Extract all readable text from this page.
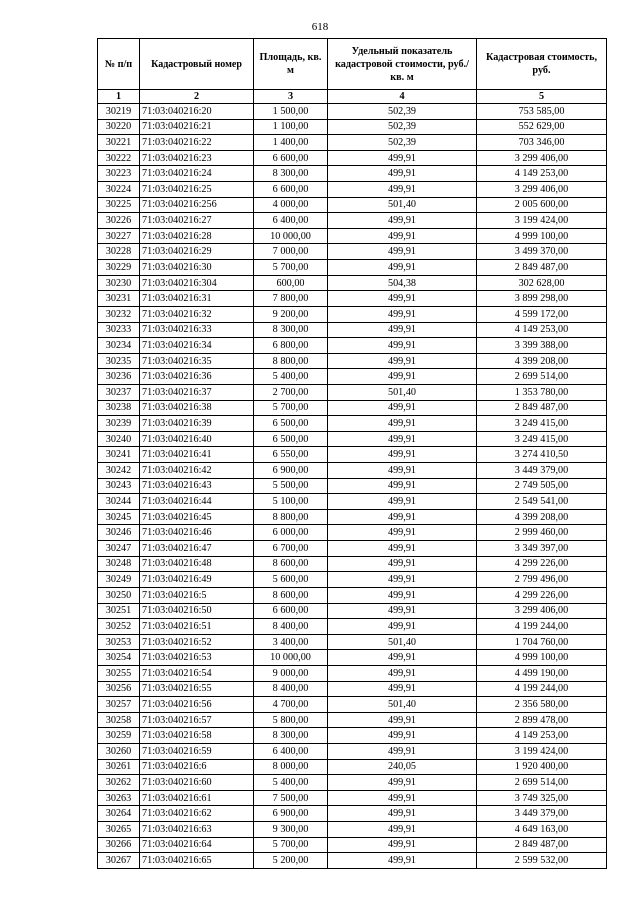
618
№ п/п	Кадастровый номер	Площадь, кв. м	Удельный показатель кадастровой стоимости, руб./кв. м	Кадастровая стоимость, руб.
1	2	3	4	5
30219	71:03:040216:20	1 500,00	502,39	753 585,00
30220	71:03:040216:21	1 100,00	502,39	552 629,00
30221	71:03:040216:22	1 400,00	502,39	703 346,00
30222	71:03:040216:23	6 600,00	499,91	3 299 406,00
30223	71:03:040216:24	8 300,00	499,91	4 149 253,00
30224	71:03:040216:25	6 600,00	499,91	3 299 406,00
30225	71:03:040216:256	4 000,00	501,40	2 005 600,00
30226	71:03:040216:27	6 400,00	499,91	3 199 424,00
30227	71:03:040216:28	10 000,00	499,91	4 999 100,00
30228	71:03:040216:29	7 000,00	499,91	3 499 370,00
30229	71:03:040216:30	5 700,00	499,91	2 849 487,00
30230	71:03:040216:304	600,00	504,38	302 628,00
30231	71:03:040216:31	7 800,00	499,91	3 899 298,00
30232	71:03:040216:32	9 200,00	499,91	4 599 172,00
30233	71:03:040216:33	8 300,00	499,91	4 149 253,00
30234	71:03:040216:34	6 800,00	499,91	3 399 388,00
30235	71:03:040216:35	8 800,00	499,91	4 399 208,00
30236	71:03:040216:36	5 400,00	499,91	2 699 514,00
30237	71:03:040216:37	2 700,00	501,40	1 353 780,00
30238	71:03:040216:38	5 700,00	499,91	2 849 487,00
30239	71:03:040216:39	6 500,00	499,91	3 249 415,00
30240	71:03:040216:40	6 500,00	499,91	3 249 415,00
30241	71:03:040216:41	6 550,00	499,91	3 274 410,50
30242	71:03:040216:42	6 900,00	499,91	3 449 379,00
30243	71:03:040216:43	5 500,00	499,91	2 749 505,00
30244	71:03:040216:44	5 100,00	499,91	2 549 541,00
30245	71:03:040216:45	8 800,00	499,91	4 399 208,00
30246	71:03:040216:46	6 000,00	499,91	2 999 460,00
30247	71:03:040216:47	6 700,00	499,91	3 349 397,00
30248	71:03:040216:48	8 600,00	499,91	4 299 226,00
30249	71:03:040216:49	5 600,00	499,91	2 799 496,00
30250	71:03:040216:5	8 600,00	499,91	4 299 226,00
30251	71:03:040216:50	6 600,00	499,91	3 299 406,00
30252	71:03:040216:51	8 400,00	499,91	4 199 244,00
30253	71:03:040216:52	3 400,00	501,40	1 704 760,00
30254	71:03:040216:53	10 000,00	499,91	4 999 100,00
30255	71:03:040216:54	9 000,00	499,91	4 499 190,00
30256	71:03:040216:55	8 400,00	499,91	4 199 244,00
30257	71:03:040216:56	4 700,00	501,40	2 356 580,00
30258	71:03:040216:57	5 800,00	499,91	2 899 478,00
30259	71:03:040216:58	8 300,00	499,91	4 149 253,00
30260	71:03:040216:59	6 400,00	499,91	3 199 424,00
30261	71:03:040216:6	8 000,00	240,05	1 920 400,00
30262	71:03:040216:60	5 400,00	499,91	2 699 514,00
30263	71:03:040216:61	7 500,00	499,91	3 749 325,00
30264	71:03:040216:62	6 900,00	499,91	3 449 379,00
30265	71:03:040216:63	9 300,00	499,91	4 649 163,00
30266	71:03:040216:64	5 700,00	499,91	2 849 487,00
30267	71:03:040216:65	5 200,00	499,91	2 599 532,00
